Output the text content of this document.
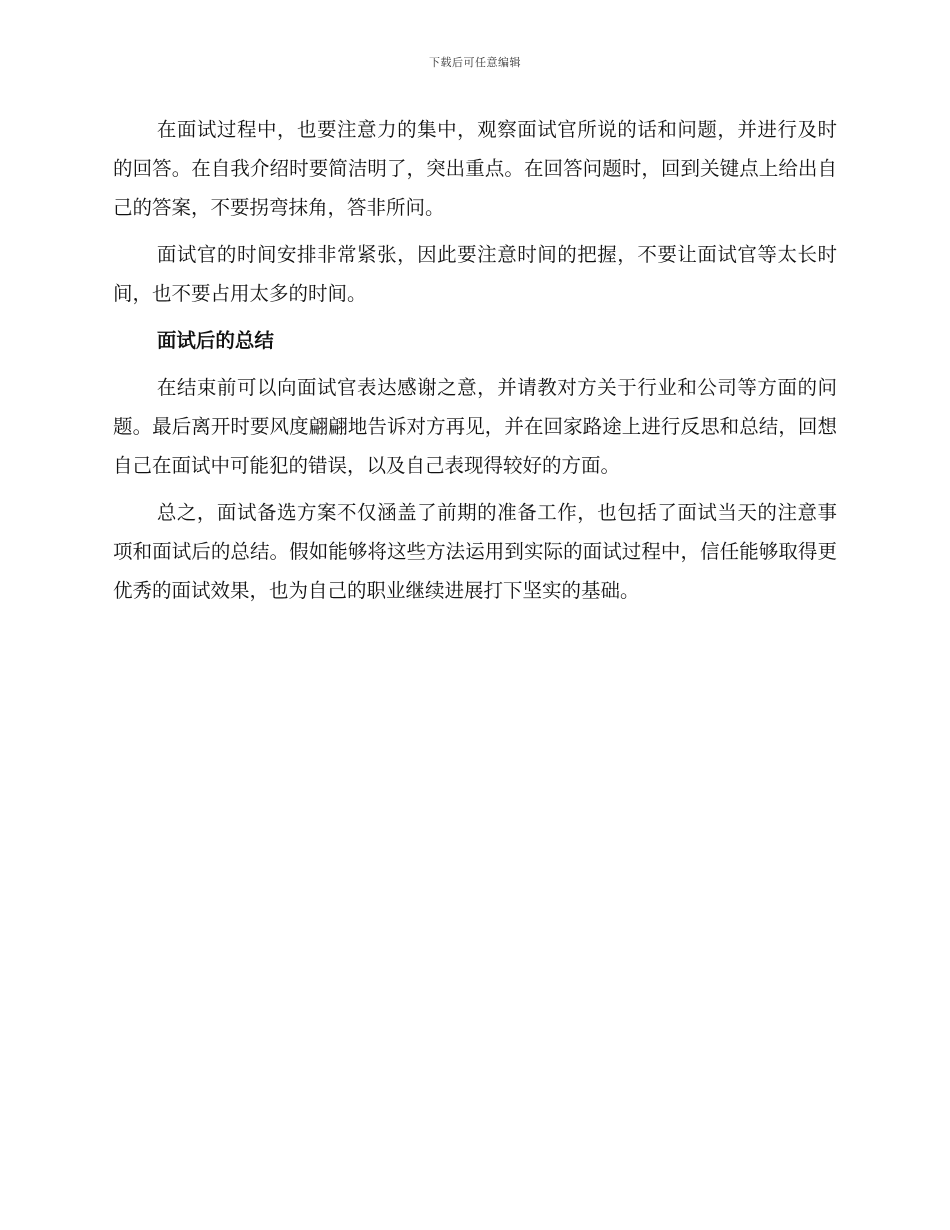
下载后可任意编辑

在面试过程中，也要注意力的集中，观察面试官所说的话和问题，并进行及时的回答。在自我介绍时要简洁明了，突出重点。在回答问题时，回到关键点上给出自己的答案，不要拐弯抹角，答非所问。

面试官的时间安排非常紧张，因此要注意时间的把握，不要让面试官等太长时间，也不要占用太多的时间。

面试后的总结

在结束前可以向面试官表达感谢之意，并请教对方关于行业和公司等方面的问题。最后离开时要风度翩翩地告诉对方再见，并在回家路途上进行反思和总结，回想自己在面试中可能犯的错误，以及自己表现得较好的方面。

总之，面试备选方案不仅涵盖了前期的准备工作，也包括了面试当天的注意事项和面试后的总结。假如能够将这些方法运用到实际的面试过程中，信任能够取得更优秀的面试效果，也为自己的职业继续进展打下坚实的基础。
